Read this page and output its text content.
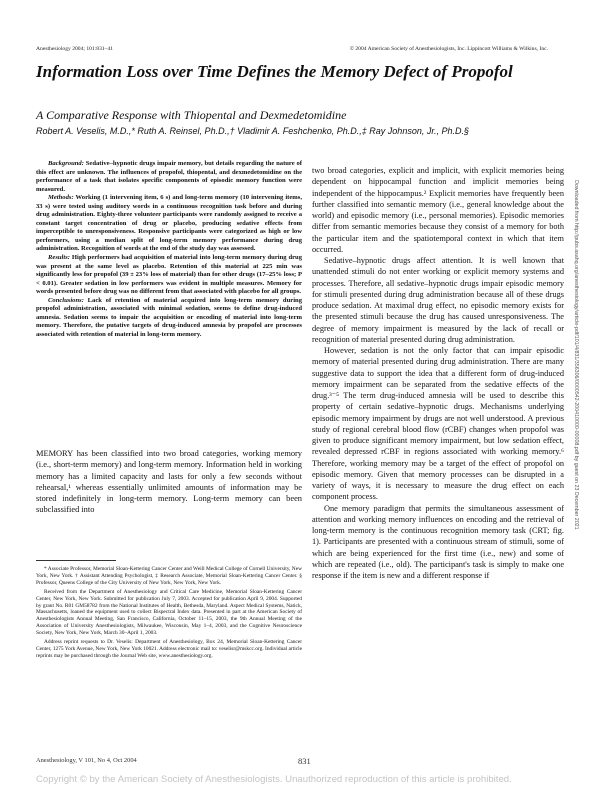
Anesthesiology 2004; 101:831–41	© 2004 American Society of Anesthesiologists, Inc. Lippincott Williams & Wilkins, Inc.
Information Loss over Time Defines the Memory Defect of Propofol
A Comparative Response with Thiopental and Dexmedetomidine
Robert A. Veselis, M.D.,* Ruth A. Reinsel, Ph.D.,† Vladimir A. Feshchenko, Ph.D.,‡ Ray Johnson, Jr., Ph.D.§

Background: Sedative–hypnotic drugs impair memory, but details regarding the nature of this effect are unknown. The influences of propofol, thiopental, and dexmedetomidine on the performance of a task that isolates specific components of episodic memory function were measured.

Methods: Working (1 intervening item, 6 s) and long-term memory (10 intervening items, 33 s) were tested using auditory words in a continuous recognition task before and during drug administration. Eighty-three volunteer participants were randomly assigned to receive a constant target concentration of drug or placebo, producing sedative effects from imperceptible to unresponsiveness. Responsive participants were categorized as high or low performers, using a median split of long-term memory performance during drug administration. Recognition of words at the end of the study day was assessed.

Results: High performers had acquisition of material into long-term memory during drug was present at the same level as placebo. Retention of this material at 225 min was significantly less for propofol (39 ± 23% loss of material) than for other drugs (17–25% loss; P < 0.01). Greater sedation in low performers was evident in multiple measures. Memory for words presented before drug was no different from that associated with placebo for all groups.

Conclusions: Lack of retention of material acquired into long-term memory during propofol administration, associated with minimal sedation, seems to define drug-induced amnesia. Sedation seems to impair the acquisition or encoding of material into long-term memory. Therefore, the putative targets of drug-induced amnesia by propofol are processes associated with retention of material in long-term memory.

MEMORY has been classified into two broad categories, working memory (i.e., short-term memory) and long-term memory. Information held in working memory has a limited capacity and lasts for only a few seconds without rehearsal,¹ whereas essentially unlimited amounts of information may be stored indefinitely in long-term memory. Long-term memory can been subclassified into

* Associate Professor, Memorial Sloan-Kettering Cancer Center and Weill Medical College of Cornell University, New York, New York. † Assistant Attending Psychologist, ‡ Research Associate, Memorial Sloan-Kettering Cancer Center. § Professor, Queens College of the City University of New York, New York, New York.

Received from the Department of Anesthesiology and Critical Care Medicine, Memorial Sloan-Kettering Cancer Center, New York, New York. Submitted for publication July 7, 2003. Accepted for publication April 9, 2004. Supported by grant No. R01 GM58782 from the National Institutes of Health, Bethesda, Maryland. Aspect Medical Systems, Natick, Massachusetts, loaned the equipment used to collect Bispectral Index data. Presented in part at the American Society of Anesthesiologists Annual Meeting, San Francisco, California, October 11–15, 2003, the 9th Annual Meeting of the Association of University Anesthesiologists, Milwaukee, Wisconsin, May 1–4, 2003, and the Cognitive Neuroscience Society, New York, New York, March 30–April 1, 2003.

Address reprint requests to Dr. Veselis: Department of Anesthesiology, Box 24, Memorial Sloan-Kettering Cancer Center, 1275 York Avenue, New York, New York 10021. Address electronic mail to: veselisr@mskcc.org. Individual article reprints may be purchased through the Journal Web site, www.anesthesiology.org.

two broad categories, explicit and implicit, with explicit memories being dependent on hippocampal function and implicit memories being independent of the hippocampus.² Explicit memories have frequently been further classified into semantic memory (i.e., general knowledge about the world) and episodic memory (i.e., personal memories). Episodic memories differ from semantic memories because they consist of a memory for both the particular item and the spatiotemporal context in which that item occurred.

Sedative–hypnotic drugs affect attention. It is well known that unattended stimuli do not enter working or explicit memory systems and processes. Therefore, all sedative–hypnotic drugs impair episodic memory for stimuli presented during drug administration because all of these drugs produce sedation. At maximal drug effect, no episodic memory exists for the presented stimuli because the drug has caused unresponsiveness. The degree of memory impairment is measured by the lack of recall or recognition of material presented during drug administration.

However, sedation is not the only factor that can impair episodic memory of material presented during drug administration. There are many suggestive data to support the idea that a different form of drug-induced memory impairment can be separated from the sedative effects of the drug.³⁻⁵ The term drug-induced amnesia will be used to describe this property of certain sedative–hypnotic drugs. Mechanisms underlying episodic memory impairment by drugs are not well understood. A previous study of regional cerebral blood flow (rCBF) changes when propofol was given to produce significant memory impairment, but low sedation effect, revealed depressed rCBF in regions associated with working memory.⁶ Therefore, working memory may be a target of the effect of propofol on episodic memory. Given that memory processes can be disrupted in a variety of ways, it is necessary to measure the drug effect on each component process.

One memory paradigm that permits the simultaneous assessment of attention and working memory influences on encoding and the retrieval of long-term memory is the continuous recognition memory task (CRT; fig. 1). Participants are presented with a continuous stream of stimuli, some of which are being experienced for the first time (i.e., new) and some of which are repeated (i.e., old). The participant's task is simply to make one response if the item is new and a different response if

Downloaded from http://pubs.asahq.org/anesthesiology/article-pdf/101/4/831/356306/0000542-200410000-00008.pdf by guest on 23 December 2021
Anesthesiology, V 101, No 4, Oct 2004	831
Copyright © by the American Society of Anesthesiologists. Unauthorized reproduction of this article is prohibited.
